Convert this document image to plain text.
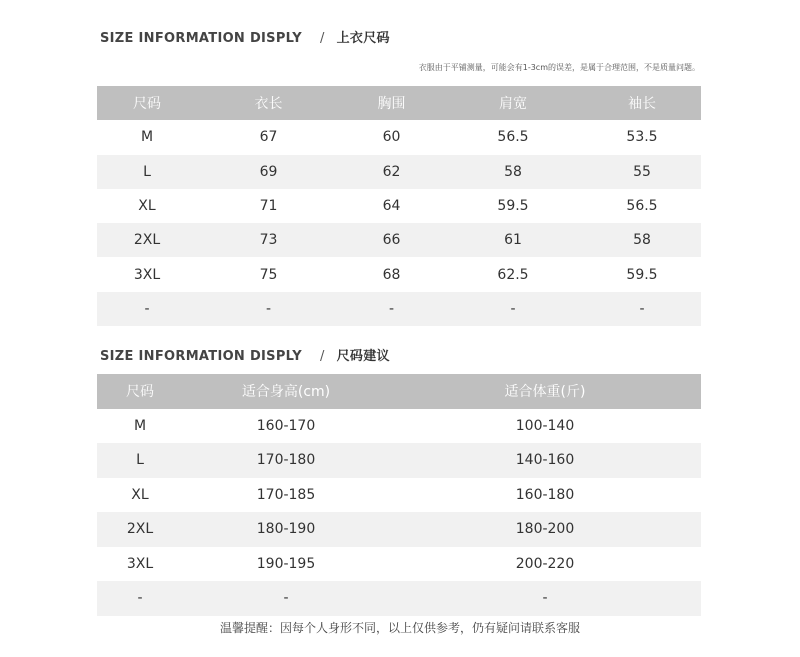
SIZE INFORMATION DISPLY / 上衣尺码
衣服由于平铺测量，可能会有1-3cm的误差，是属于合理范围，不是质量问题。
尺码	衣长	胸围	肩宽	袖长
M	67	60	56.5	53.5
L	69	62	58	55
XL	71	64	59.5	56.5
2XL	73	66	61	58
3XL	75	68	62.5	59.5
-	-	-	-	-
SIZE INFORMATION DISPLY / 尺码建议
尺码	适合身高(cm)	适合体重(斤)
M	160-170	100-140
L	170-180	140-160
XL	170-185	160-180
2XL	180-190	180-200
3XL	190-195	200-220
-	-	-
温馨提醒：因每个人身形不同，以上仅供参考，仍有疑问请联系客服
